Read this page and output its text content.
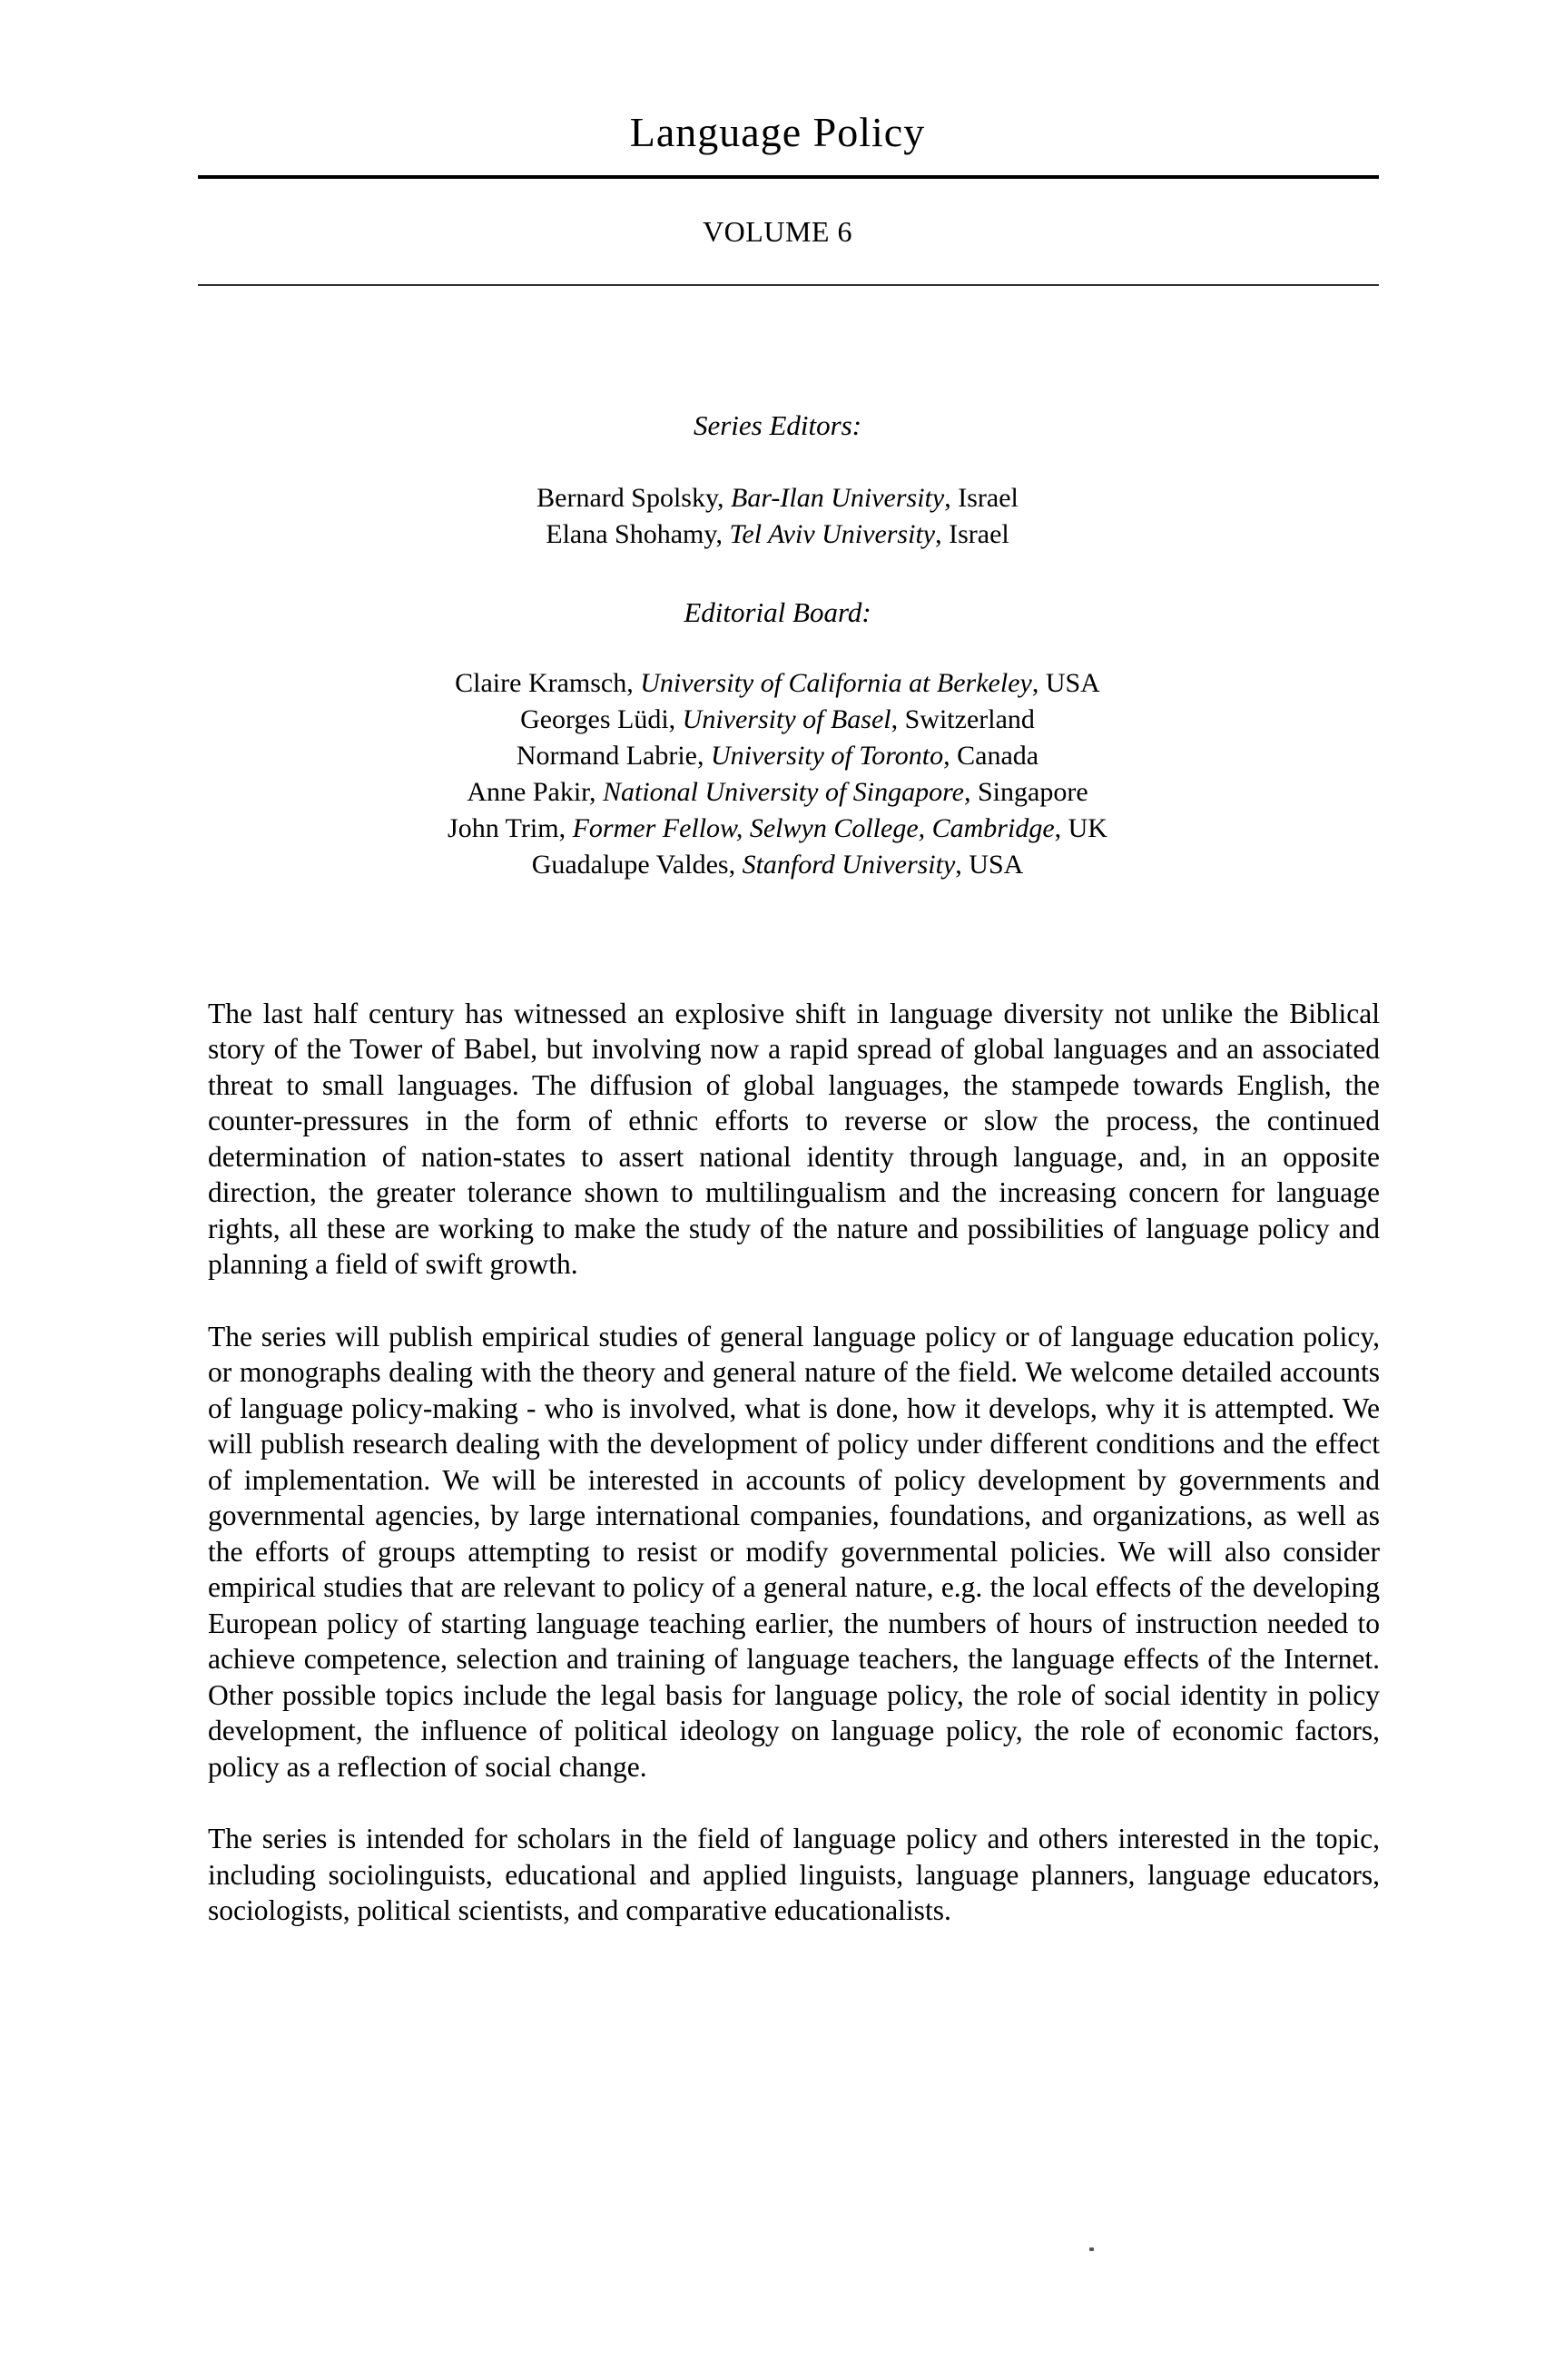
Language Policy
VOLUME 6
Series Editors:
Bernard Spolsky, Bar-Ilan University, Israel
Elana Shohamy, Tel Aviv University, Israel
Editorial Board:
Claire Kramsch, University of California at Berkeley, USA
Georges Lüdi, University of Basel, Switzerland
Normand Labrie, University of Toronto, Canada
Anne Pakir, National University of Singapore, Singapore
John Trim, Former Fellow, Selwyn College, Cambridge, UK
Guadalupe Valdes, Stanford University, USA

The last half century has witnessed an explosive shift in language diversity not unlike the Biblical story of the Tower of Babel, but involving now a rapid spread of global languages and an associated threat to small languages. The diffusion of global languages, the stampede towards English, the counter-pressures in the form of ethnic efforts to reverse or slow the process, the continued determination of nation-states to assert national identity through language, and, in an opposite direction, the greater tolerance shown to multilingualism and the increasing concern for language rights, all these are working to make the study of the nature and possibilities of language policy and planning a field of swift growth.

The series will publish empirical studies of general language policy or of language education policy, or monographs dealing with the theory and general nature of the field. We welcome detailed accounts of language policy-making - who is involved, what is done, how it develops, why it is attempted. We will publish research dealing with the development of policy under different conditions and the effect of implementation. We will be interested in accounts of policy development by governments and governmental agencies, by large international companies, foundations, and organizations, as well as the efforts of groups attempting to resist or modify governmental policies. We will also consider empirical studies that are relevant to policy of a general nature, e.g. the local effects of the developing European policy of starting language teaching earlier, the numbers of hours of instruction needed to achieve competence, selection and training of language teachers, the language effects of the Internet. Other possible topics include the legal basis for language policy, the role of social identity in policy development, the influence of political ideology on language policy, the role of economic factors, policy as a reflection of social change.

The series is intended for scholars in the field of language policy and others interested in the topic, including sociolinguists, educational and applied linguists, language planners, language educators, sociologists, political scientists, and comparative educationalists.
